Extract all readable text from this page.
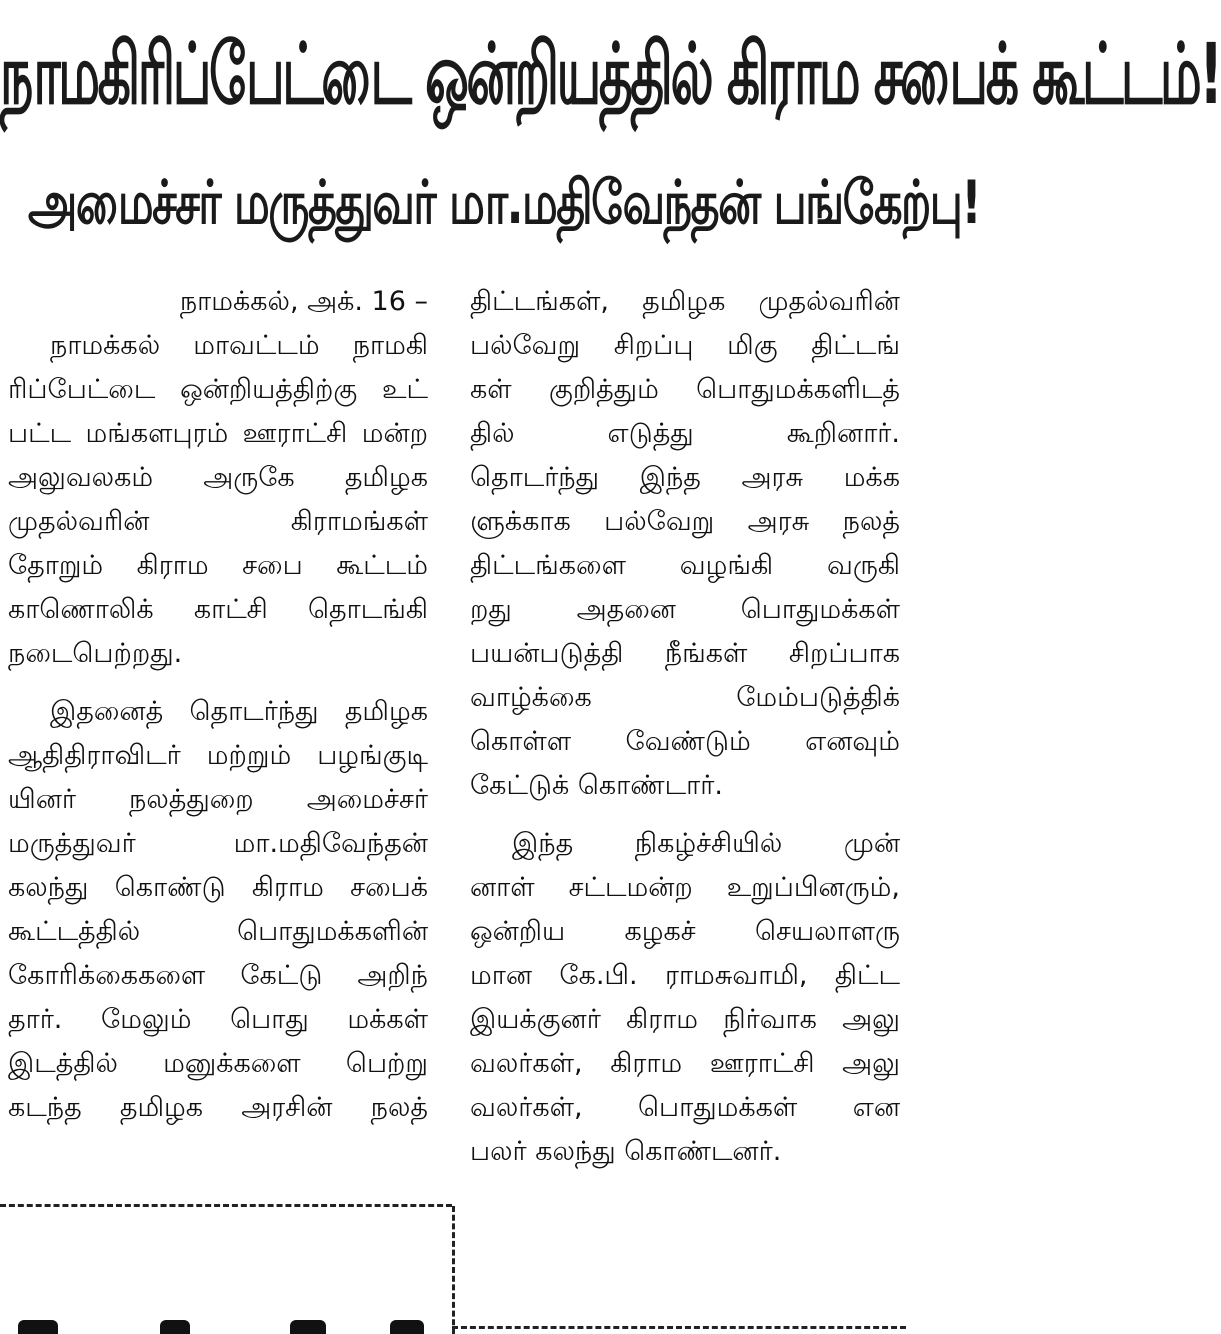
நாமகிரிப்பேட்டை ஒன்றியத்தில் கிராம சபைக் கூட்டம்!
அமைச்சர் மருத்துவர் மா.மதிவேந்தன் பங்கேற்பு!
நாமக்கல், அக். 16 –
நாமக்கல் மாவட்டம் நாமகி
ரிப்பேட்டை ஒன்றியத்திற்கு உட்
பட்ட மங்களபுரம் ஊராட்சி மன்ற
அலுவலகம் அருகே தமிழக
முதல்வரின் கிராமங்கள்
தோறும் கிராம சபை கூட்டம்
காணொலிக் காட்சி தொடங்கி
நடைபெற்றது.
இதனைத் தொடர்ந்து தமிழக
ஆதிதிராவிடர் மற்றும் பழங்குடி
யினர் நலத்துறை அமைச்சர்
மருத்துவர் மா.மதிவேந்தன்
கலந்து கொண்டு கிராம சபைக்
கூட்டத்தில் பொதுமக்களின்
கோரிக்கைகளை கேட்டு அறிந்
தார். மேலும் பொது மக்கள்
இடத்தில் மனுக்களை பெற்று
கடந்த தமிழக அரசின் நலத்
திட்டங்கள், தமிழக முதல்வரின்
பல்வேறு சிறப்பு மிகு திட்டங்
கள் குறித்தும் பொதுமக்களிடத்
தில் எடுத்து கூறினார்.
தொடர்ந்து இந்த அரசு மக்க
ளுக்காக பல்வேறு அரசு நலத்
திட்டங்களை வழங்கி வருகி
றது அதனை பொதுமக்கள்
பயன்படுத்தி நீங்கள் சிறப்பாக
வாழ்க்கை மேம்படுத்திக்
கொள்ள வேண்டும் எனவும்
கேட்டுக் கொண்டார்.
இந்த நிகழ்ச்சியில் முன்
னாள் சட்டமன்ற உறுப்பினரும்,
ஒன்றிய கழகச் செயலாளரு
மான கே.பி. ராமசுவாமி, திட்ட
இயக்குனர் கிராம நிர்வாக அலு
வலர்கள், கிராம ஊராட்சி அலு
வலர்கள், பொதுமக்கள் என
பலர் கலந்து கொண்டனர்.
